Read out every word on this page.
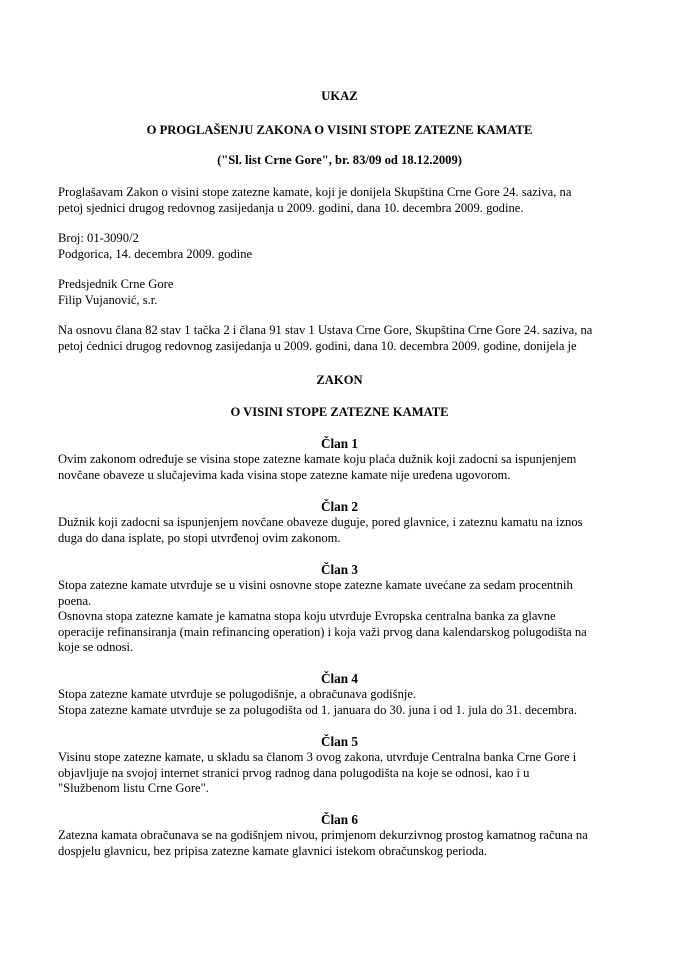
UKAZ

O PROGLAŠENJU ZAKONA O VISINI STOPE ZATEZNE KAMATE

("Sl. list Crne Gore", br. 83/09 od 18.12.2009)

Proglašavam Zakon o visini stope zatezne kamate, koji je donijela Skupština Crne Gore 24. saziva, na
petoj sjednici drugog redovnog zasijedanja u 2009. godini, dana 10. decembra 2009. godine.
Broj: 01-3090/2
Podgorica, 14. decembra 2009. godine
Predsjednik Crne Gore
Filip Vujanović, s.r.
Na osnovu člana 82 stav 1 tačka 2 i člana 91 stav 1 Ustava Crne Gore, Skupština Crne Gore 24. saziva, na
petoj ćednici drugog redovnog zasijedanja u 2009. godini, dana 10. decembra 2009. godine, donijela je

ZAKON

O VISINI STOPE ZATEZNE KAMATE

Član 1

Ovim zakonom određuje se visina stope zatezne kamate koju plaća dužnik koji zadocni sa ispunjenjem
novčane obaveze u slučajevima kada visina stope zatezne kamate nije uređena ugovorom.

Član 2

Dužnik koji zadocni sa ispunjenjem novčane obaveze duguje, pored glavnice, i zateznu kamatu na iznos
duga do dana isplate, po stopi utvrđenoj ovim zakonom.

Član 3

Stopa zatezne kamate utvrđuje se u visini osnovne stope zatezne kamate uvećane za sedam procentnih
poena.
Osnovna stopa zatezne kamate je kamatna stopa koju utvrđuje Evropska centralna banka za glavne
operacije refinansiranja (main refinancing operation) i koja važi prvog dana kalendarskog polugodišta na
koje se odnosi.

Član 4

Stopa zatezne kamate utvrđuje se polugodišnje, a obračunava godišnje.
Stopa zatezne kamate utvrđuje se za polugodišta od 1. januara do 30. juna i od 1. jula do 31. decembra.

Član 5

Visinu stope zatezne kamate, u skladu sa članom 3 ovog zakona, utvrđuje Centralna banka Crne Gore i
objavljuje na svojoj internet stranici prvog radnog dana polugodišta na koje se odnosi, kao i u
"Službenom listu Crne Gore".

Član 6

Zatezna kamata obračunava se na godišnjem nivou, primjenom dekurzivnog prostog kamatnog računa na
dospjelu glavnicu, bez pripisa zatezne kamate glavnici istekom obračunskog perioda.
